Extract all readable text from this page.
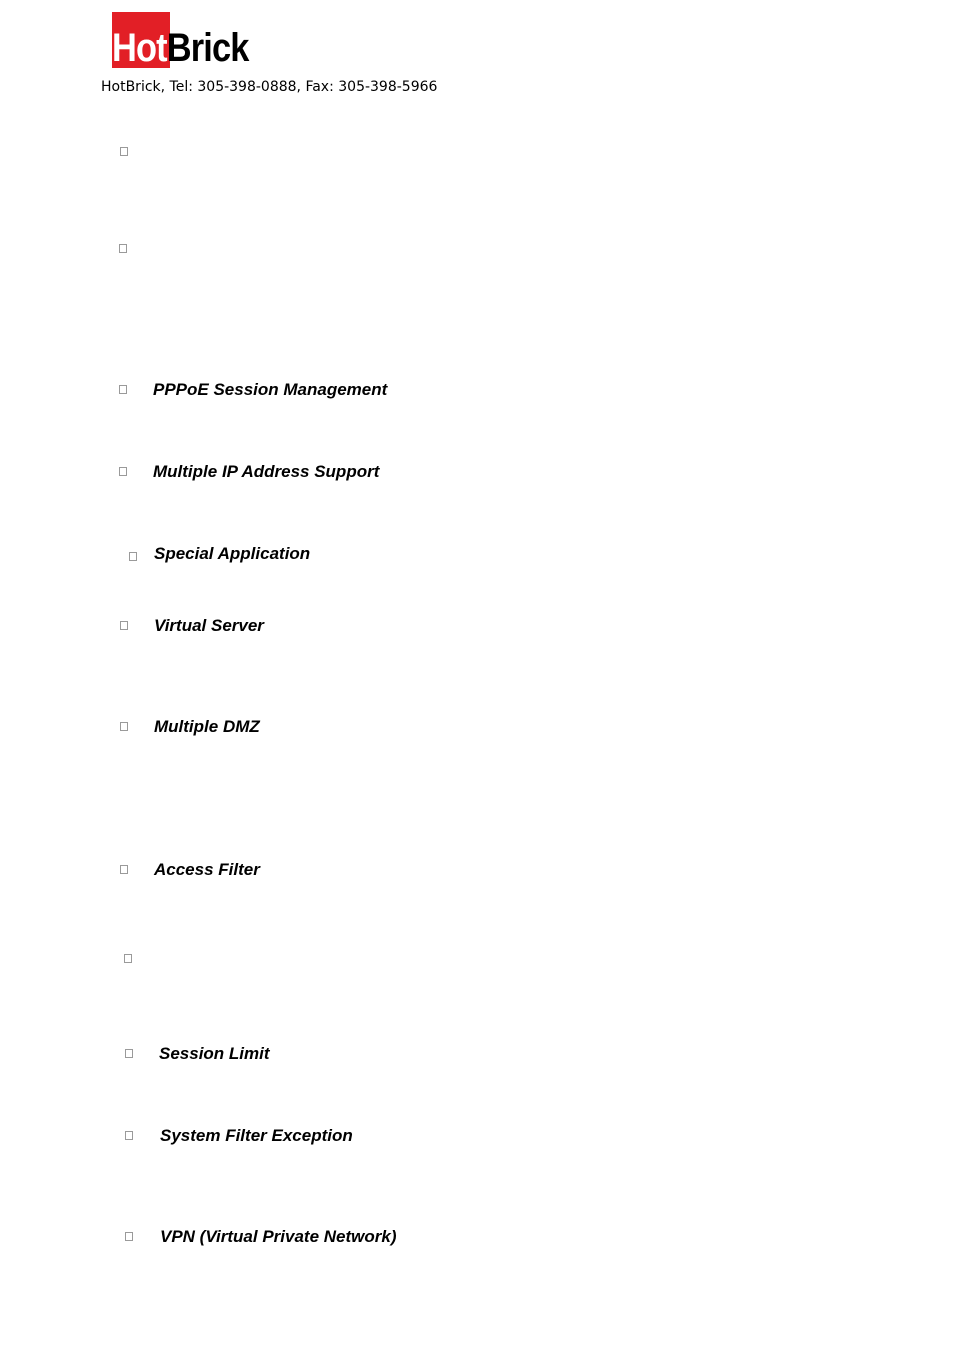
HotBrick
HotBrick, Tel: 305-398-0888, Fax: 305-398-5966
PPPoE Session Management
Multiple IP Address Support
Special Application
Virtual Server
Multiple DMZ
Access Filter
Session Limit
System Filter Exception
VPN (Virtual Private Network)
